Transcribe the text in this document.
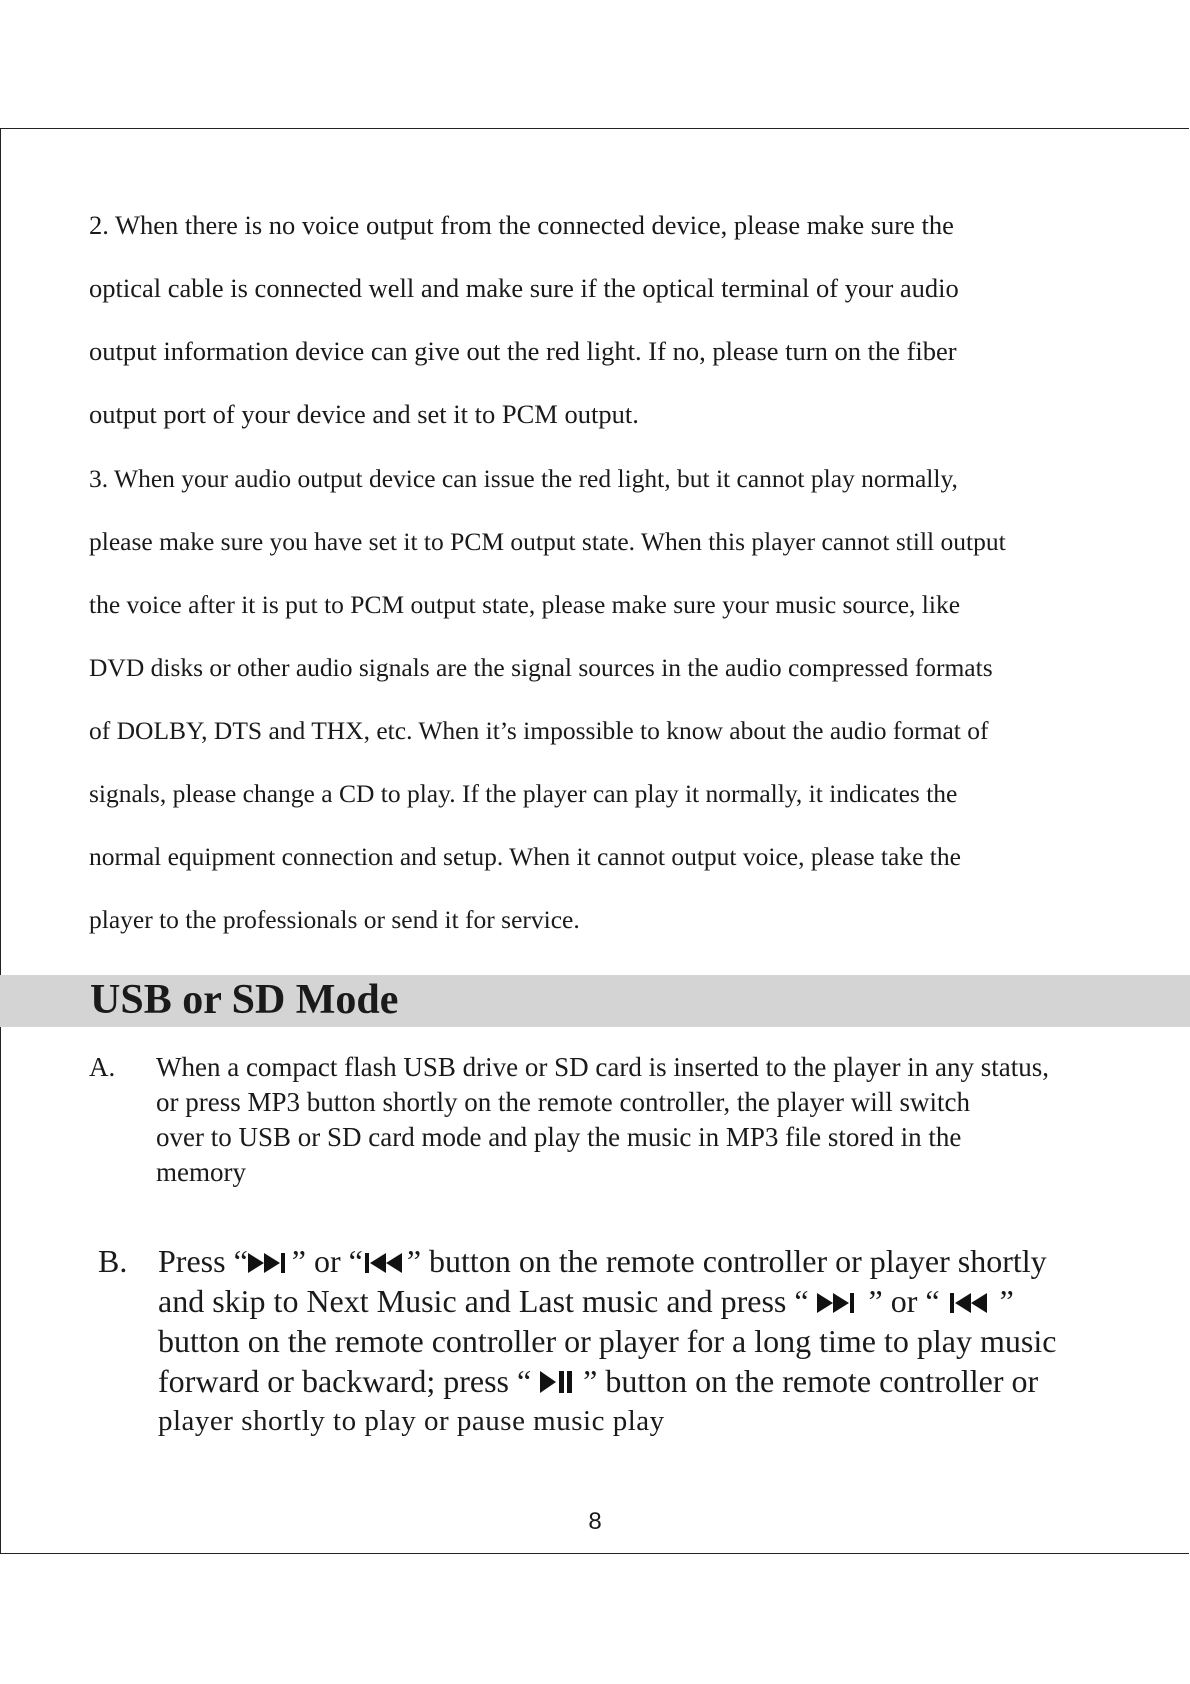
2. When there is no voice output from the connected device, please make sure the
optical cable is connected well and make sure if the optical terminal of your audio
output information device can give out the red light. If no, please turn on the fiber
output port of your device and set it to PCM output.
3. When your audio output device can issue the red light, but it cannot play normally,
please make sure you have set it to PCM output state. When this player cannot still output
the voice after it is put to PCM output state, please make sure your music source, like
DVD disks or other audio signals are the signal sources in the audio compressed formats
of DOLBY, DTS and THX, etc. When it’s impossible to know about the audio format of
signals, please change a CD to play. If the player can play it normally, it indicates the
normal equipment connection and setup. When it cannot output voice, please take the
player to the professionals or send it for service.
USB or SD Mode
A. When a compact flash USB drive or SD card is inserted to the player in any status,
or press MP3 button shortly on the remote controller, the player will switch
over to USB or SD card mode and play the music in MP3 file stored in the
memory
B. Press “ ” or “ ” button on the remote controller or player shortly
and skip to Next Music and Last music and press “
” or “
”
button on the remote controller or player for a long time to play music
forward or backward; press “
” button on the remote controller or
player shortly to play or pause music play

8
